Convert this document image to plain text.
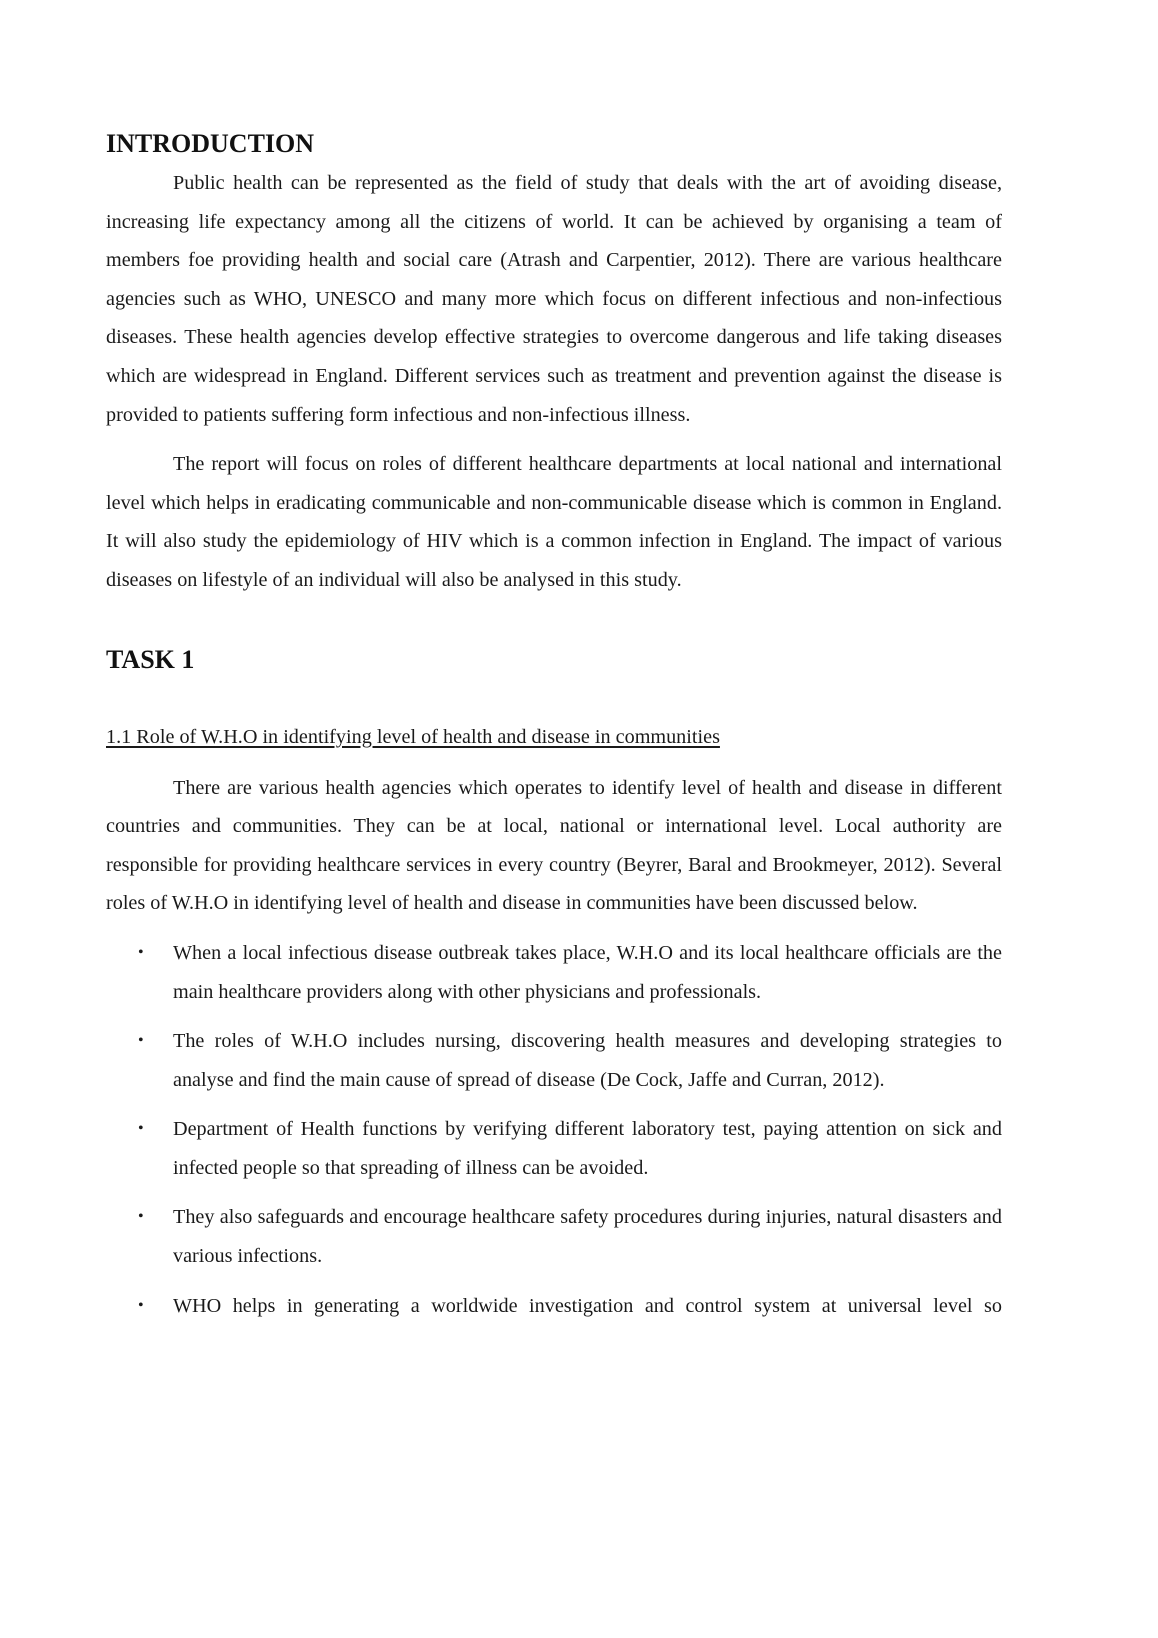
INTRODUCTION

Public health can be represented as the field of study that deals with the art of avoiding disease, increasing life expectancy among all the citizens of world. It can be achieved by organising a team of members foe providing health and social care (Atrash and Carpentier, 2012). There are various healthcare agencies such as WHO, UNESCO and many more which focus on different infectious and non-infectious diseases. These health agencies develop effective strategies to overcome dangerous and life taking diseases which are widespread in England. Different services such as treatment and prevention against the disease is provided to patients suffering form infectious and non-infectious illness.

The report will focus on roles of different healthcare departments at local national and international level which helps in eradicating communicable and non-communicable disease which is common in England. It will also study the epidemiology of HIV which is a common infection in England. The impact of various diseases on lifestyle of an individual will also be analysed in this study.

TASK 1

1.1 Role of W.H.O in identifying level of health and disease in communities

There are various health agencies which operates to identify level of health and disease in different countries and communities. They can be at local, national or international level. Local authority are responsible for providing healthcare services in every country (Beyrer, Baral and Brookmeyer, 2012). Several roles of W.H.O in identifying level of health and disease in communities have been discussed below.

• When a local infectious disease outbreak takes place, W.H.O and its local healthcare officials are the main healthcare providers along with other physicians and professionals.
• The roles of W.H.O includes nursing, discovering health measures and developing strategies to analyse and find the main cause of spread of disease (De Cock, Jaffe and Curran, 2012).
• Department of Health functions by verifying different laboratory test, paying attention on sick and infected people so that spreading of illness can be avoided.
• They also safeguards and encourage healthcare safety procedures during injuries, natural disasters and various infections.
• WHO helps in generating a worldwide investigation and control system at universal level so
